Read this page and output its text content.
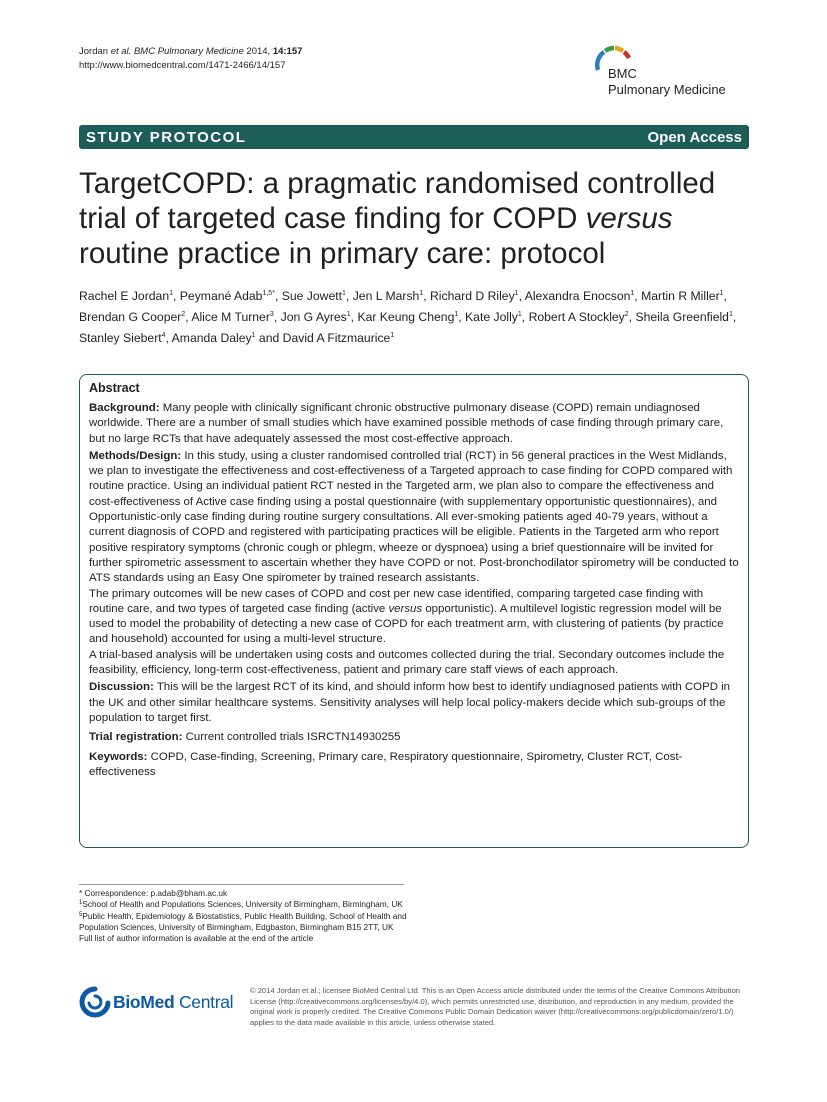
Jordan et al. BMC Pulmonary Medicine 2014, 14:157
http://www.biomedcentral.com/1471-2466/14/157
BMC
Pulmonary Medicine
STUDY PROTOCOL	Open Access
TargetCOPD: a pragmatic randomised controlled trial of targeted case finding for COPD versus routine practice in primary care: protocol
Rachel E Jordan$^1$, Peymané Adab$^{1,5*}$, Sue Jowett$^1$, Jen L Marsh$^1$, Richard D Riley$^1$, Alexandra Enocson$^1$, Martin R Miller$^1$, Brendan G Cooper$^2$, Alice M Turner$^3$, Jon G Ayres$^1$, Kar Keung Cheng$^1$, Kate Jolly$^1$, Robert A Stockley$^2$, Sheila Greenfield$^1$, Stanley Siebert$^4$, Amanda Daley$^1$ and David A Fitzmaurice$^1$
Abstract

Background: Many people with clinically significant chronic obstructive pulmonary disease (COPD) remain undiagnosed worldwide. There are a number of small studies which have examined possible methods of case finding through primary care, but no large RCTs that have adequately assessed the most cost-effective approach.

Methods/Design: In this study, using a cluster randomised controlled trial (RCT) in 56 general practices in the West Midlands, we plan to investigate the effectiveness and cost-effectiveness of a Targeted approach to case finding for COPD compared with routine practice. Using an individual patient RCT nested in the Targeted arm, we plan also to compare the effectiveness and cost-effectiveness of Active case finding using a postal questionnaire (with supplementary opportunistic questionnaires), and Opportunistic-only case finding during routine surgery consultations. All ever-smoking patients aged 40-79 years, without a current diagnosis of COPD and registered with participating practices will be eligible. Patients in the Targeted arm who report positive respiratory symptoms (chronic cough or phlegm, wheeze or dyspnoea) using a brief questionnaire will be invited for further spirometric assessment to ascertain whether they have COPD or not. Post-bronchodilator spirometry will be conducted to ATS standards using an Easy One spirometer by trained research assistants.

The primary outcomes will be new cases of COPD and cost per new case identified, comparing targeted case finding with routine care, and two types of targeted case finding (active versus opportunistic). A multilevel logistic regression model will be used to model the probability of detecting a new case of COPD for each treatment arm, with clustering of patients (by practice and household) accounted for using a multi-level structure.

A trial-based analysis will be undertaken using costs and outcomes collected during the trial. Secondary outcomes include the feasibility, efficiency, long-term cost-effectiveness, patient and primary care staff views of each approach.

Discussion: This will be the largest RCT of its kind, and should inform how best to identify undiagnosed patients with COPD in the UK and other similar healthcare systems. Sensitivity analyses will help local policy-makers decide which sub-groups of the population to target first.

Trial registration: Current controlled trials ISRCTN14930255

Keywords: COPD, Case-finding, Screening, Primary care, Respiratory questionnaire, Spirometry, Cluster RCT, Cost-effectiveness

* Correspondence: p.adab@bham.ac.uk
$^1$School of Health and Populations Sciences, University of Birmingham, Birmingham, UK
$^5$Public Health, Epidemiology & Biostatistics, Public Health Building, School of Health and Population Sciences, University of Birmingham, Edgbaston, Birmingham B15 2TT, UK
Full list of author information is available at the end of the article
BioMed Central
© 2014 Jordan et al.; licensee BioMed Central Ltd. This is an Open Access article distributed under the terms of the Creative Commons Attribution License (http://creativecommons.org/licenses/by/4.0), which permits unrestricted use, distribution, and reproduction in any medium, provided the original work is properly credited. The Creative Commons Public Domain Dedication waiver (http://creativecommons.org/publicdomain/zero/1.0/) applies to the data made available in this article, unless otherwise stated.
